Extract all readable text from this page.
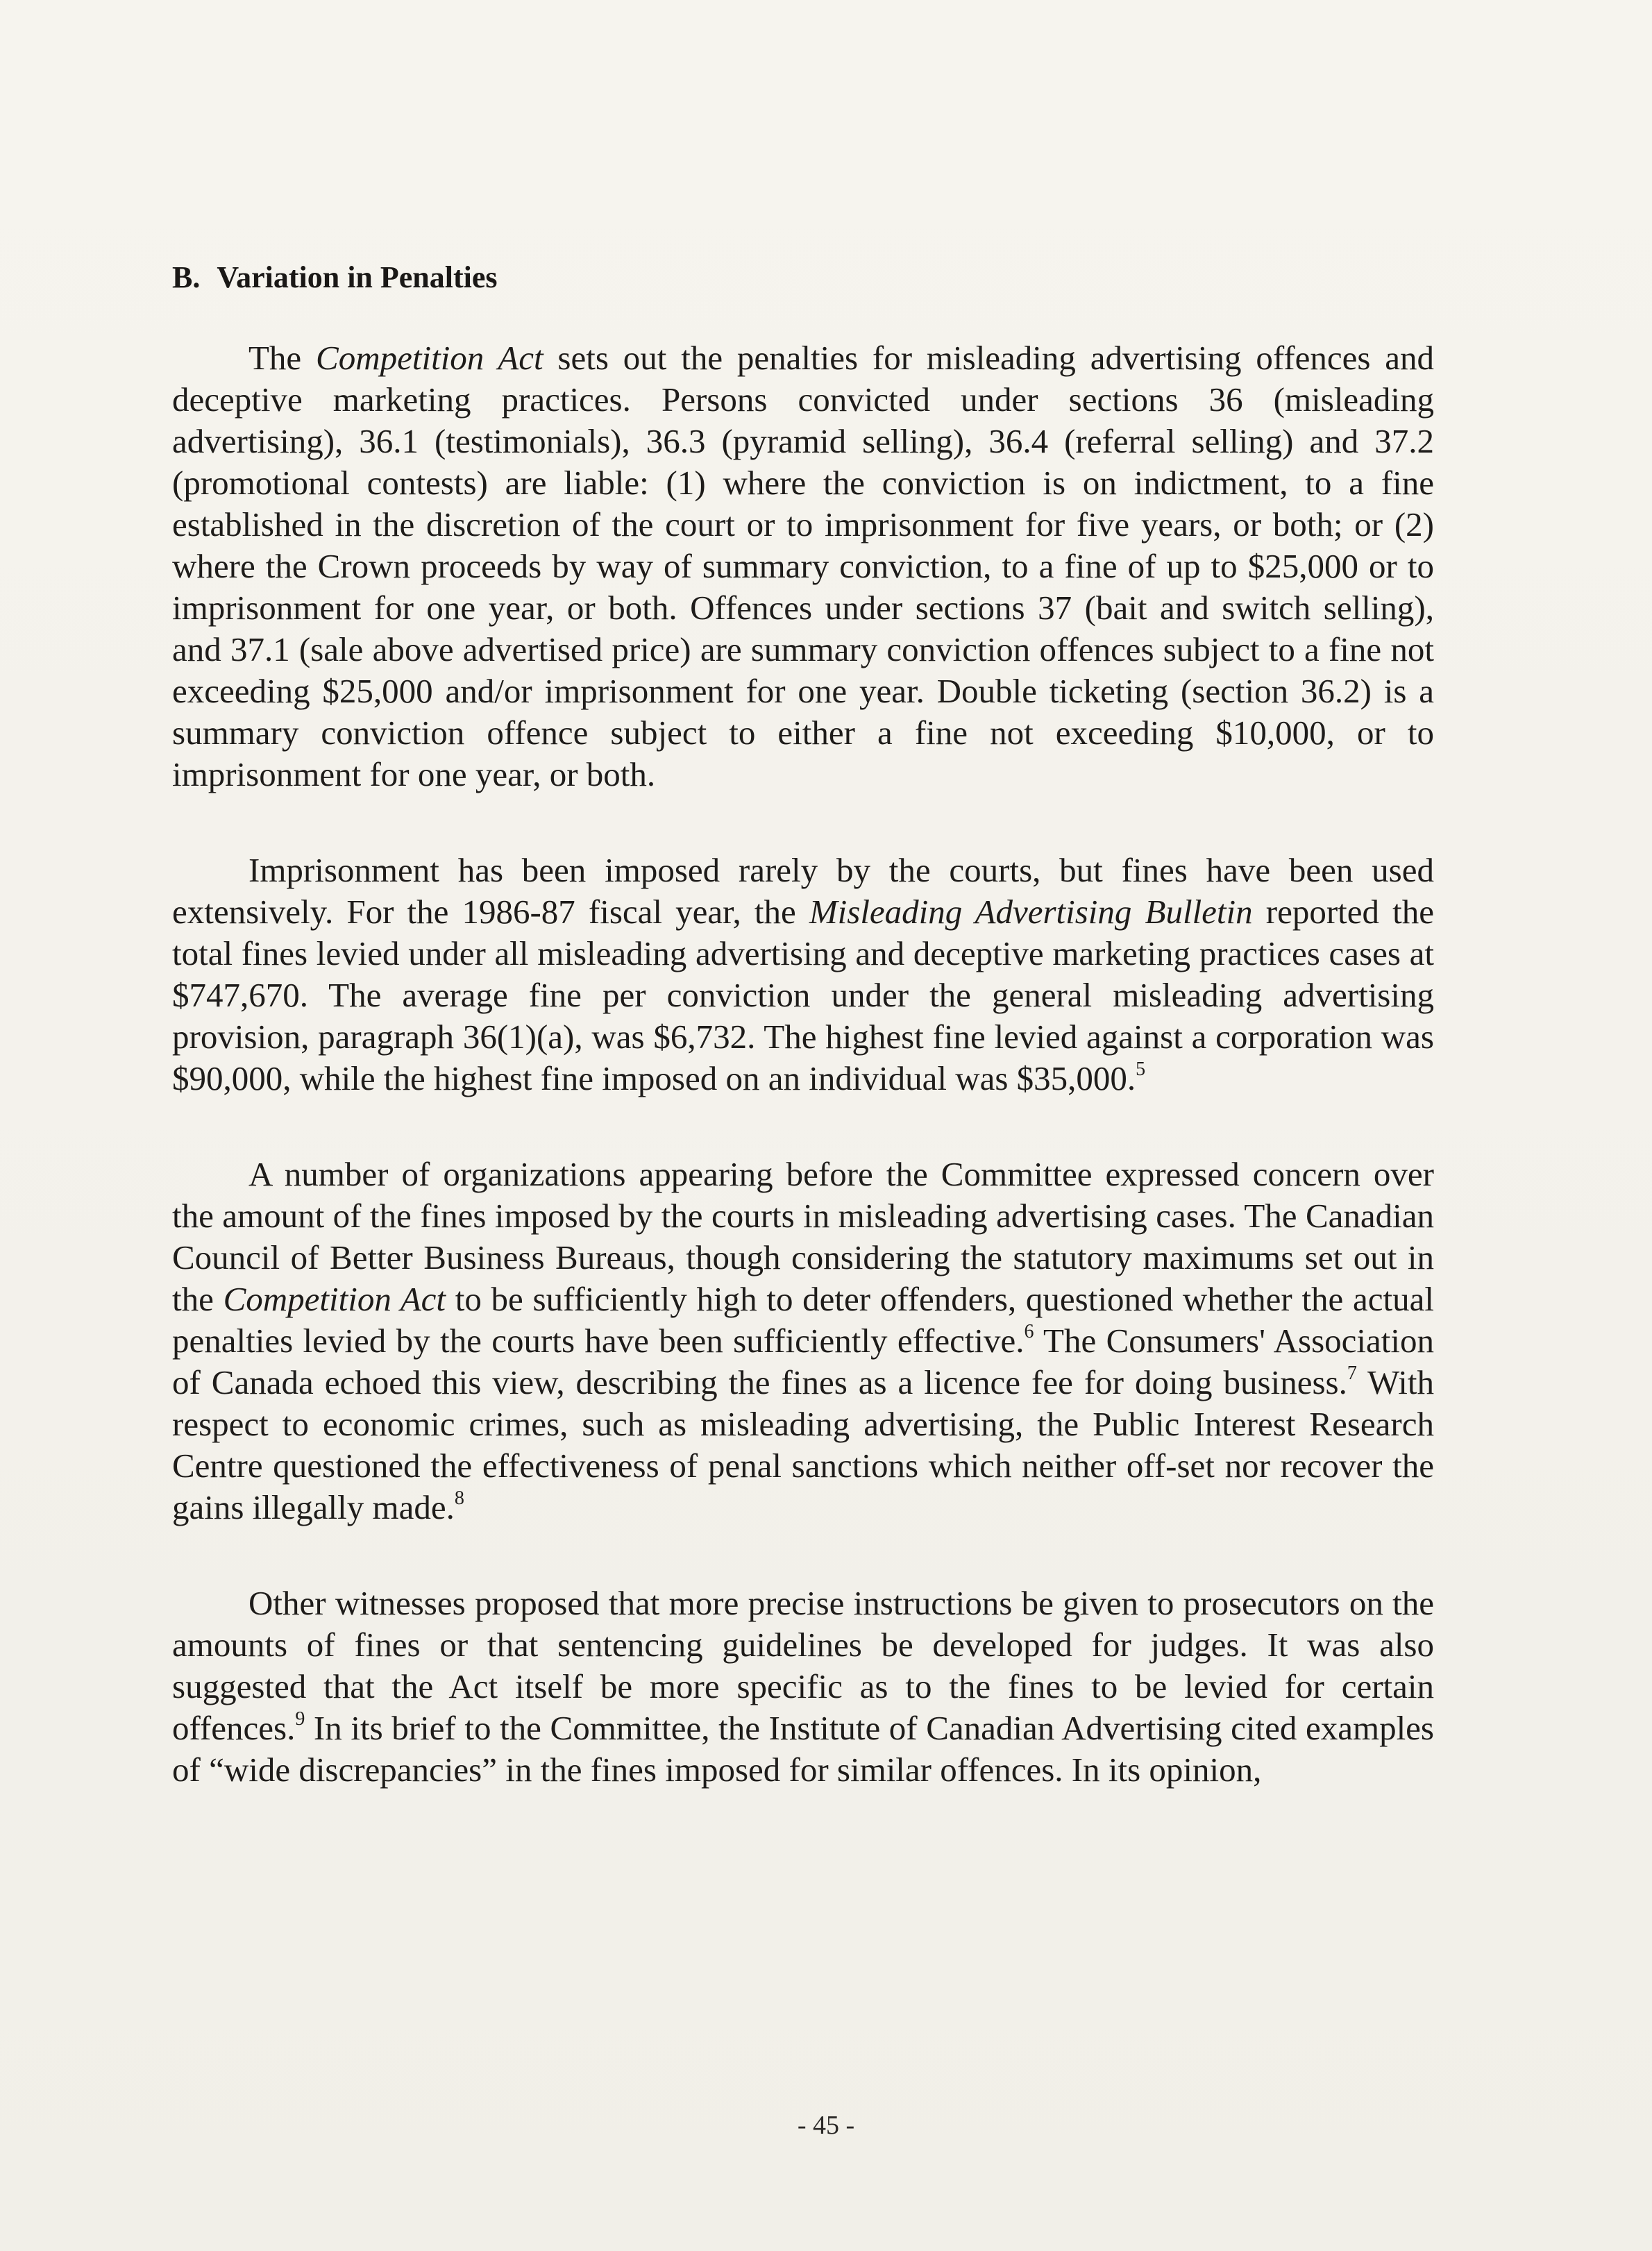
B. Variation in Penalties

The Competition Act sets out the penalties for misleading advertising offences and deceptive marketing practices. Persons convicted under sections 36 (misleading advertising), 36.1 (testimonials), 36.3 (pyramid selling), 36.4 (referral selling) and 37.2 (promotional contests) are liable: (1) where the conviction is on indictment, to a fine established in the discretion of the court or to imprisonment for five years, or both; or (2) where the Crown proceeds by way of summary conviction, to a fine of up to $25,000 or to imprisonment for one year, or both. Offences under sections 37 (bait and switch selling), and 37.1 (sale above advertised price) are summary conviction offences subject to a fine not exceeding $25,000 and/or imprisonment for one year. Double ticketing (section 36.2) is a summary conviction offence subject to either a fine not exceeding $10,000, or to imprisonment for one year, or both.

Imprisonment has been imposed rarely by the courts, but fines have been used extensively. For the 1986-87 fiscal year, the Misleading Advertising Bulletin reported the total fines levied under all misleading advertising and deceptive marketing practices cases at $747,670. The average fine per conviction under the general misleading advertising provision, paragraph 36(1)(a), was $6,732. The highest fine levied against a corporation was $90,000, while the highest fine imposed on an individual was $35,000.$^5$

A number of organizations appearing before the Committee expressed concern over the amount of the fines imposed by the courts in misleading advertising cases. The Canadian Council of Better Business Bureaus, though considering the statutory maximums set out in the Competition Act to be sufficiently high to deter offenders, questioned whether the actual penalties levied by the courts have been sufficiently effective.$^6$ The Consumers' Association of Canada echoed this view, describing the fines as a licence fee for doing business.$^7$ With respect to economic crimes, such as misleading advertising, the Public Interest Research Centre questioned the effectiveness of penal sanctions which neither off-set nor recover the gains illegally made.$^8$

Other witnesses proposed that more precise instructions be given to prosecutors on the amounts of fines or that sentencing guidelines be developed for judges. It was also suggested that the Act itself be more specific as to the fines to be levied for certain offences.$^9$ In its brief to the Committee, the Institute of Canadian Advertising cited examples of “wide discrepancies” in the fines imposed for similar offences. In its opinion,

- 45 -
